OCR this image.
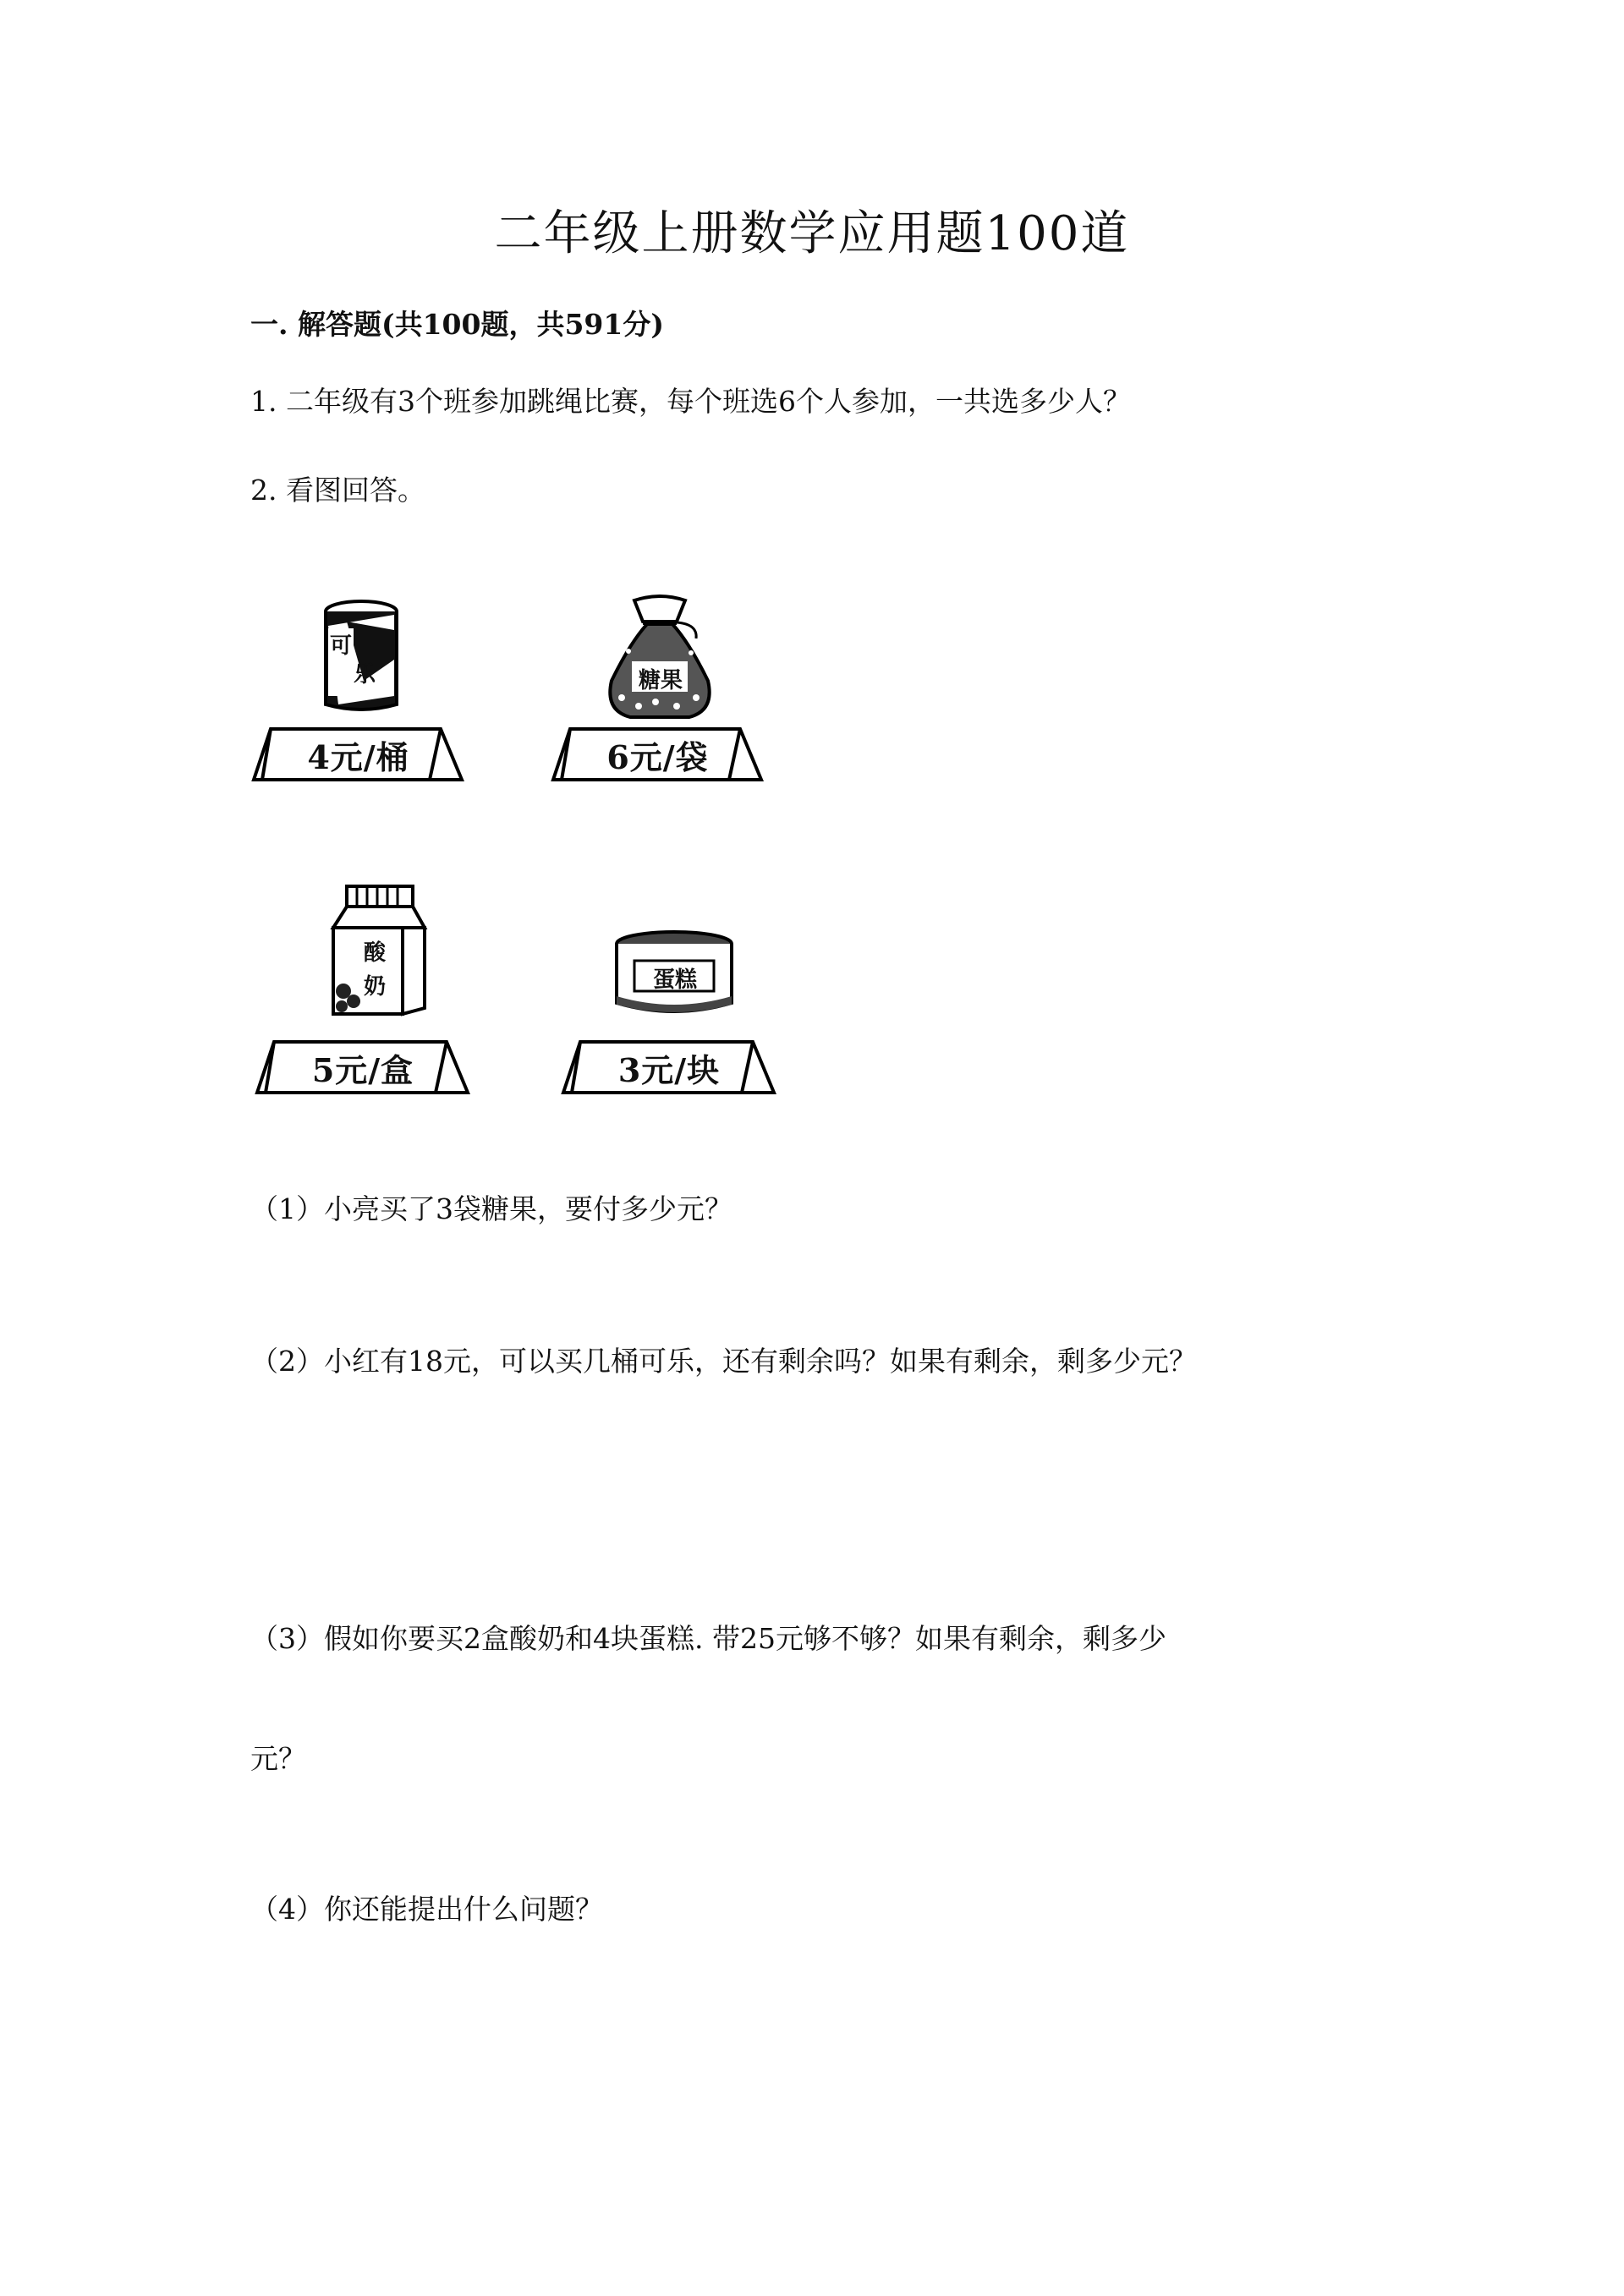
二年级上册数学应用题100道
一. 解答题(共100题，共591分)
1. 二年级有3个班参加跳绳比赛，每个班选6个人参加，一共选多少人？
2. 看图回答。
可
乐
4元/桶
糖果
6元/袋
酸
奶
5元/盒
蛋糕
3元/块
（1）小亮买了3袋糖果，要付多少元？
（2）小红有18元，可以买几桶可乐，还有剩余吗？如果有剩余，剩多少元？
（3）假如你要买2盒酸奶和4块蛋糕. 带25元够不够？如果有剩余，剩多少
元？
（4）你还能提出什么问题？
